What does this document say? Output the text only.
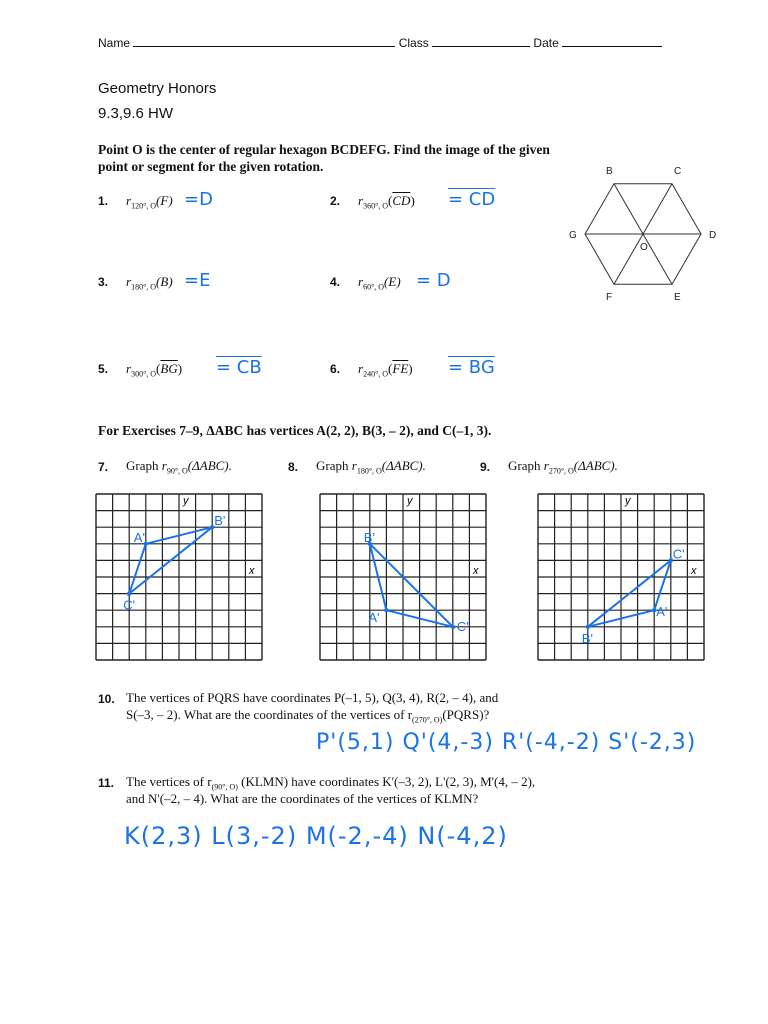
Name	Class	Date
Geometry Honors
9.3,9.6 HW
Point O is the center of regular hexagon BCDEFG. Find the image of the given
point or segment for the given rotation.
1. $r_{120^\circ, O}(F) =D$	2. $r_{360^\circ, O}(\overline{CD})$ = CD
3. $r_{180^\circ, O}(B) =E$	4. $r_{60^\circ, O}(E) = D$
5. $r_{300^\circ, O}(\overline{BG})$ = CB	6. $r_{240^\circ, O}(\overline{FE})$ = BG
B	C
D
E
F
G
O
For Exercises 7–9, ΔABC has vertices A(2, 2), B(3, – 2), and C(–1, 3).
7. Graph $r_{90^\circ, O}(\Delta ABC)$.	8. Graph $r_{180^\circ, O}(\Delta ABC)$.	9. Graph $r_{270^\circ, O}(\Delta ABC)$.
x
y
A'
B'
C'
x
y
B'
A'
C'
x
y
C'
A'
B'
10. The vertices of PQRS have coordinates P(–1, 5), Q(3, 4), R(2, – 4), and
S(–3, – 2). What are the coordinates of the vertices of $r_{(270^\circ, O)}(PQRS)$?
P'(5,1) Q'(4,-3) R'(-4,-2) S'(-2,3)
11. The vertices of $r_{(90^\circ, O)}$ (KLMN) have coordinates K'(–3, 2), L'(2, 3), M'(4, – 2),
and N'(–2, – 4). What are the coordinates of the vertices of KLMN?
K(2,3) L(3,-2) M(-2,-4) N(-4,2)
